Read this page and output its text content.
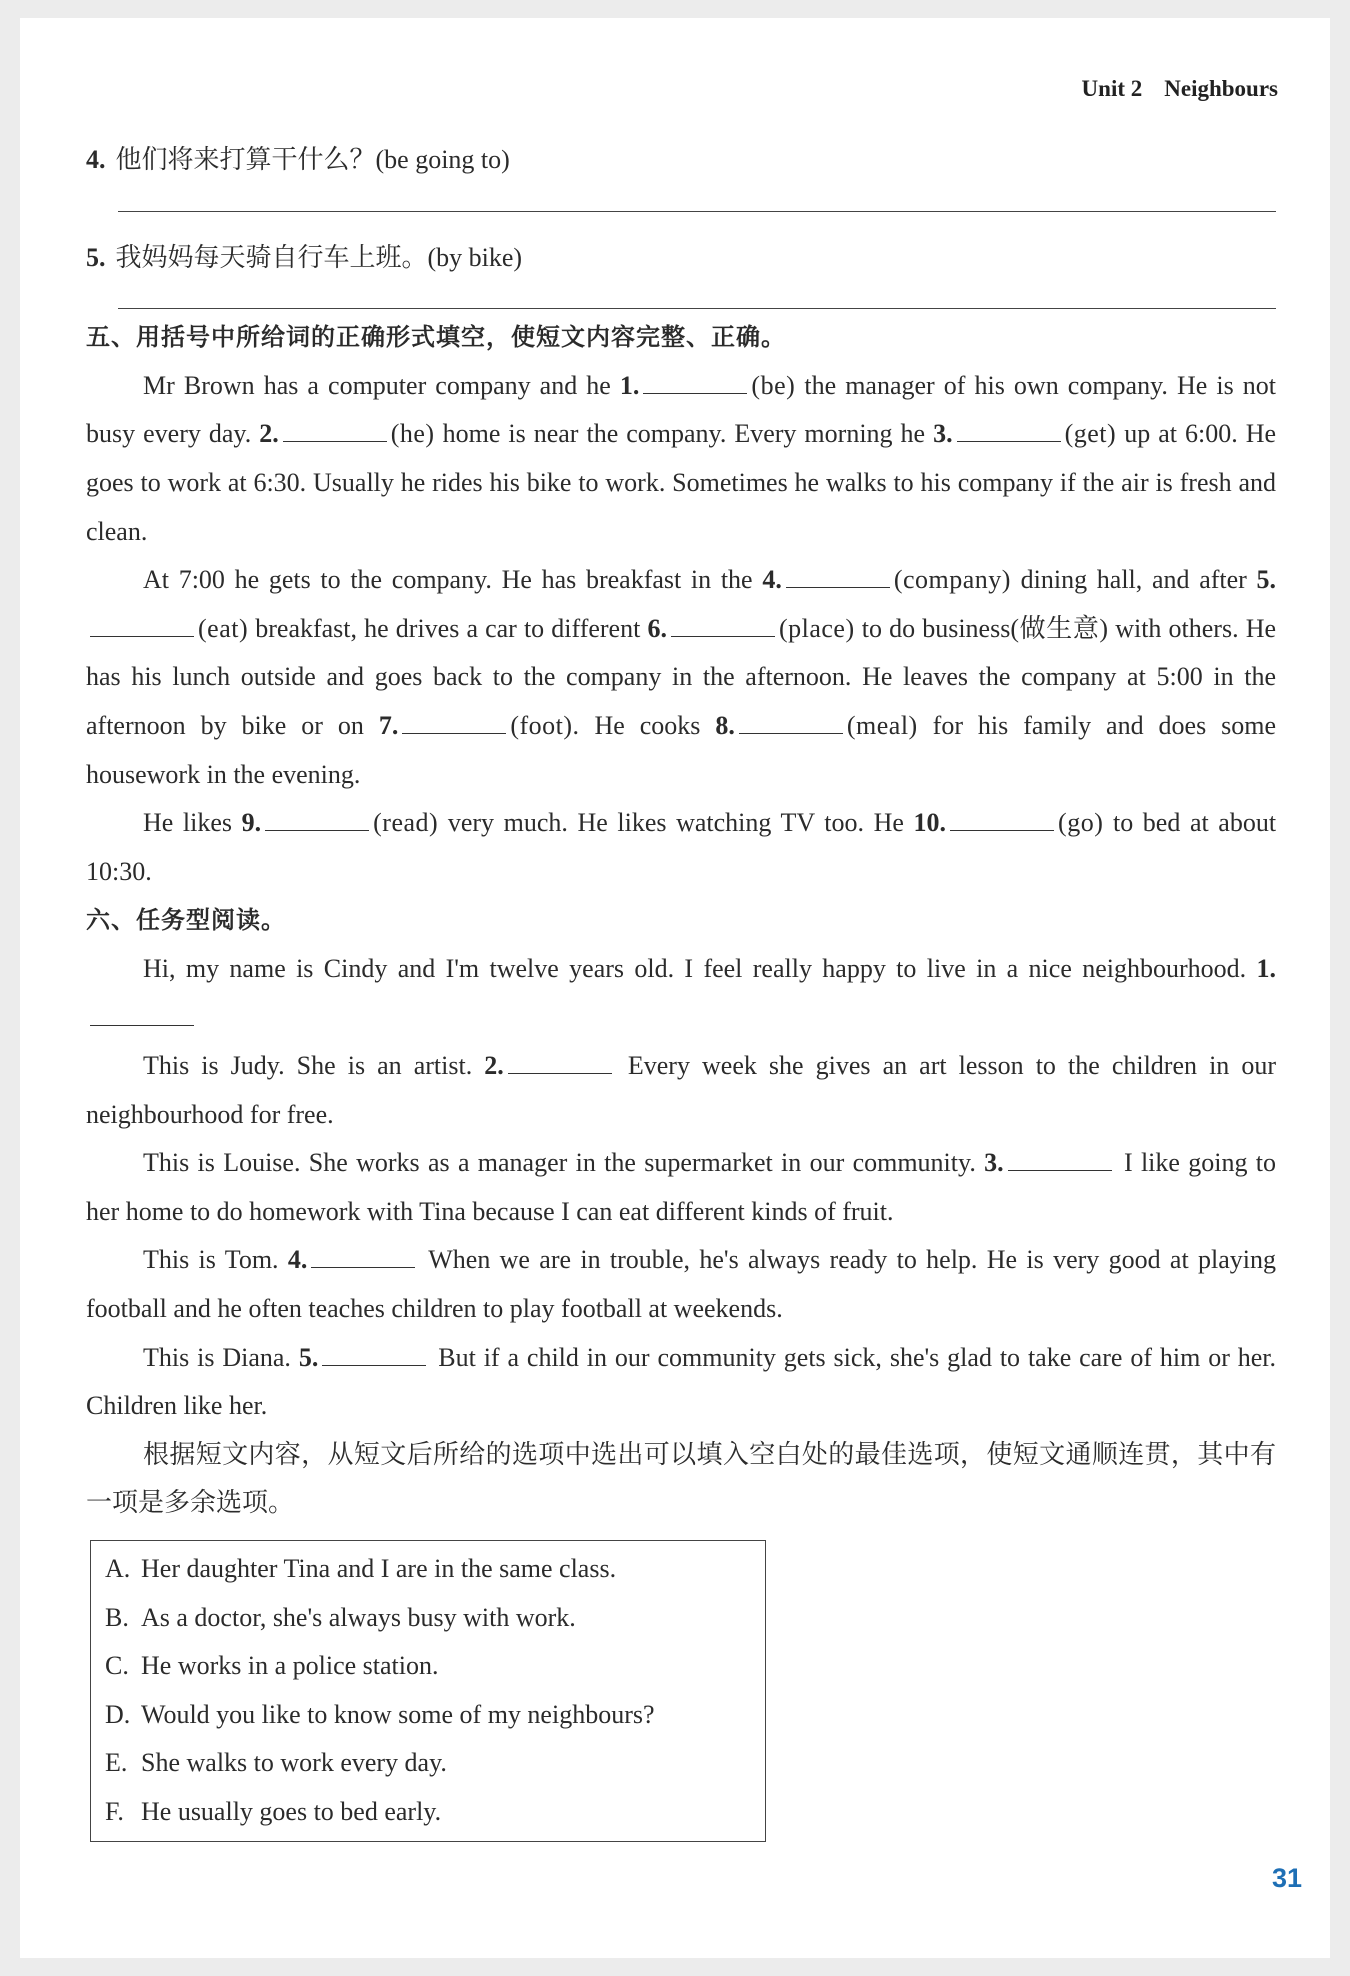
Unit 2 Neighbours

4. 他们将来打算干什么？(be going to)

5. 我妈妈每天骑自行车上班。(by bike)

五、用括号中所给词的正确形式填空，使短文内容完整、正确。

Mr Brown has a computer company and he 1.	(be) the manager of his own company. He is not busy every day. 2.	(he) home is near the company. Every morning he 3.	(get) up at 6:00. He goes to work at 6:30. Usually he rides his bike to work. Sometimes he walks to his company if the air is fresh and clean.

At 7:00 he gets to the company. He has breakfast in the 4.	(company) dining hall, and after 5.(eat) breakfast, he drives a car to different 6.	(place) to do business(做生意) with others. He has his lunch outside and goes back to the company in the afternoon. He leaves the company at 5:00 in the afternoon by bike or on 7.	(foot). He cooks 8.	(meal) for his family and does some housework in the evening.

He likes 9.	(read) very much. He likes watching TV too. He 10.	(go) to bed at about 10:30.

六、任务型阅读。

Hi, my name is Cindy and I'm twelve years old. I feel really happy to live in a nice neighbourhood. 1.

This is Judy. She is an artist. 2.	Every week she gives an art lesson to the children in our neighbourhood for free.

This is Louise. She works as a manager in the supermarket in our community. 3.	I like going to her home to do homework with Tina because I can eat different kinds of fruit.

This is Tom. 4.	When we are in trouble, he's always ready to help. He is very good at playing football and he often teaches children to play football at weekends.

This is Diana. 5.	But if a child in our community gets sick, she's glad to take care of him or her. Children like her.

根据短文内容，从短文后所给的选项中选出可以填入空白处的最佳选项，使短文通顺连贯，其中有一项是多余选项。

A. Her daughter Tina and I are in the same class.
B. As a doctor, she's always busy with work.
C. He works in a police station.
D. Would you like to know some of my neighbours?
E. She walks to work every day.
F. He usually goes to bed early.
31
